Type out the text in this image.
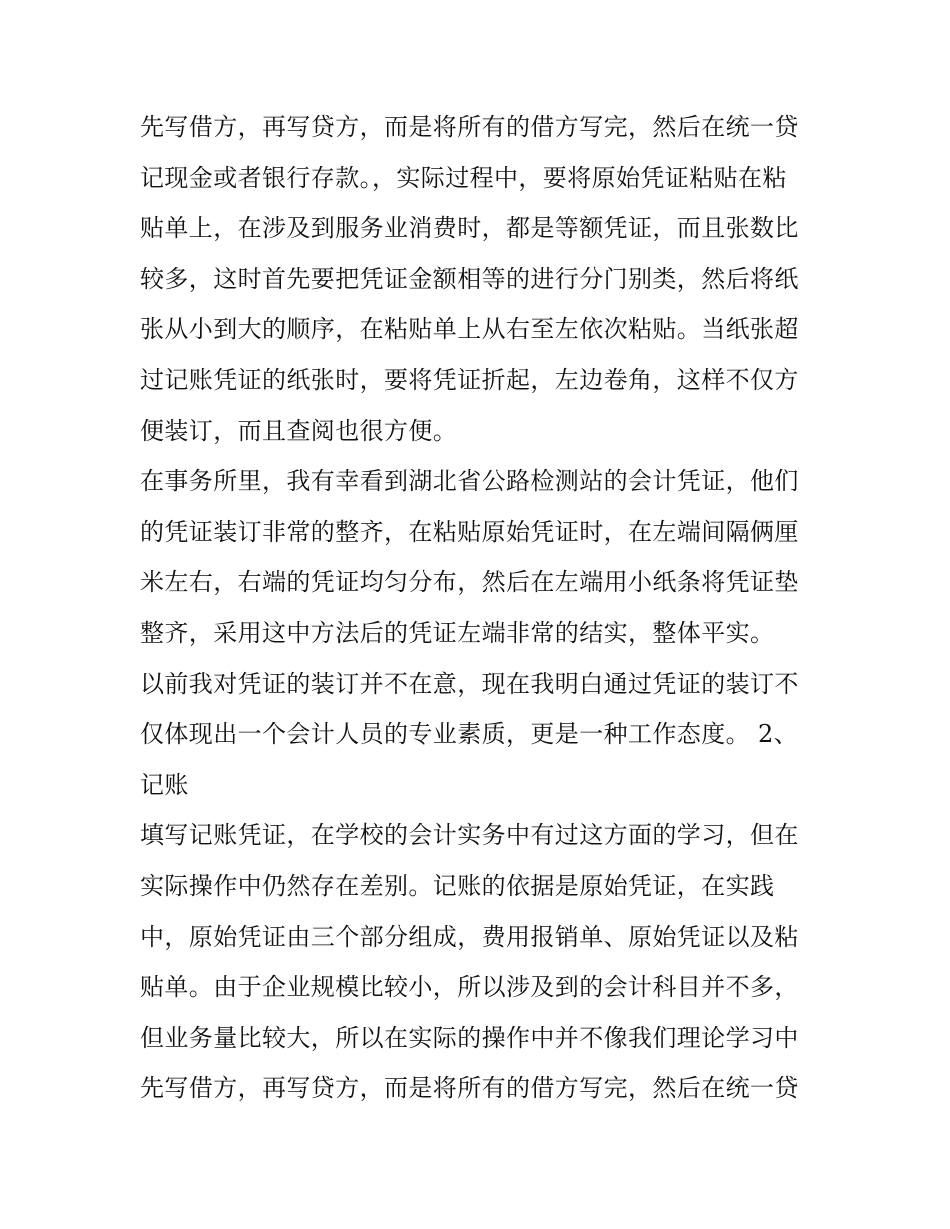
先写借方，再写贷方，而是将所有的借方写完，然后在统一贷
记现金或者银行存款。，实际过程中，要将原始凭证粘贴在粘
贴单上，在涉及到服务业消费时，都是等额凭证，而且张数比
较多，这时首先要把凭证金额相等的进行分门别类，然后将纸
张从小到大的顺序，在粘贴单上从右至左依次粘贴。当纸张超
过记账凭证的纸张时，要将凭证折起，左边卷角，这样不仅方
便装订，而且查阅也很方便。
在事务所里，我有幸看到湖北省公路检测站的会计凭证，他们
的凭证装订非常的整齐，在粘贴原始凭证时，在左端间隔俩厘
米左右，右端的凭证均匀分布，然后在左端用小纸条将凭证垫
整齐，采用这中方法后的凭证左端非常的结实，整体平实。
以前我对凭证的装订并不在意，现在我明白通过凭证的装订不
仅体现出一个会计人员的专业素质，更是一种工作态度。 2、
记账
填写记账凭证，在学校的会计实务中有过这方面的学习，但在
实际操作中仍然存在差别。记账的依据是原始凭证，在实践
中，原始凭证由三个部分组成，费用报销单、原始凭证以及粘
贴单。由于企业规模比较小，所以涉及到的会计科目并不多，
但业务量比较大，所以在实际的操作中并不像我们理论学习中
先写借方，再写贷方，而是将所有的借方写完，然后在统一贷
